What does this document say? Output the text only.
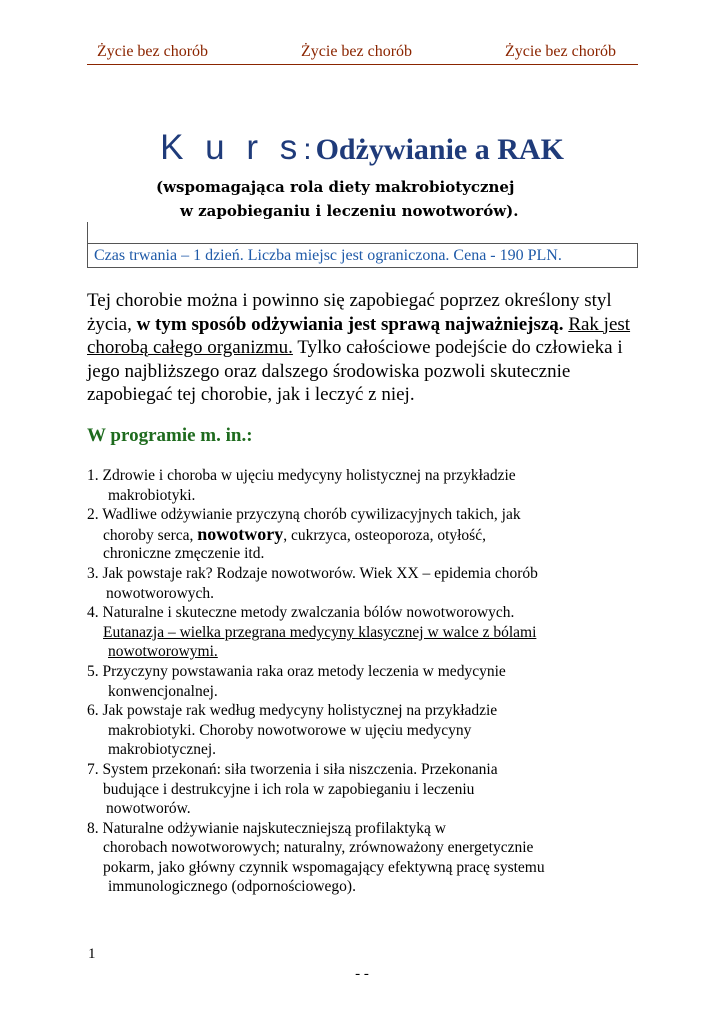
Życie bez chorób	Życie bez chorób	Życie bez chorób
K u r s: Odżywianie a RAK
(wspomagająca rola diety makrobiotycznej
w zapobieganiu i leczeniu nowotworów).
Czas trwania – 1 dzień. Liczba miejsc jest ograniczona. Cena - 190 PLN.
Tej chorobie można i powinno się zapobiegać poprzez określony styl życia, w tym sposób odżywiania jest sprawą najważniejszą. Rak jest chorobą całego organizmu. Tylko całościowe podejście do człowieka i jego najbliższego oraz dalszego środowiska pozwoli skutecznie zapobiegać tej chorobie, jak i leczyć z niej.
W programie m. in.:
1. Zdrowie i choroba w ujęciu medycyny holistycznej na przykładzie
makrobiotyki.
2. Wadliwe odżywianie przyczyną chorób cywilizacyjnych takich, jak
choroby serca, nowotwory, cukrzyca, osteoporoza, otyłość,
chroniczne zmęczenie itd.
3. Jak powstaje rak? Rodzaje nowotworów. Wiek XX – epidemia chorób
nowotworowych.
4. Naturalne i skuteczne metody zwalczania bólów nowotworowych.
Eutanazja – wielka przegrana medycyny klasycznej w walce z bólami
nowotworowymi.
5. Przyczyny powstawania raka oraz metody leczenia w medycynie
konwencjonalnej.
6. Jak powstaje rak według medycyny holistycznej na przykładzie
makrobiotyki. Choroby nowotworowe w ujęciu medycyny
makrobiotycznej.
7. System przekonań: siła tworzenia i siła niszczenia. Przekonania
budujące i destrukcyjne i ich rola w zapobieganiu i leczeniu
nowotworów.
8. Naturalne odżywianie najskuteczniejszą profilaktyką w
chorobach nowotworowych; naturalny, zrównoważony energetycznie
pokarm, jako główny czynnik wspomagający efektywną pracę systemu
immunologicznego (odpornościowego).
1
- -
